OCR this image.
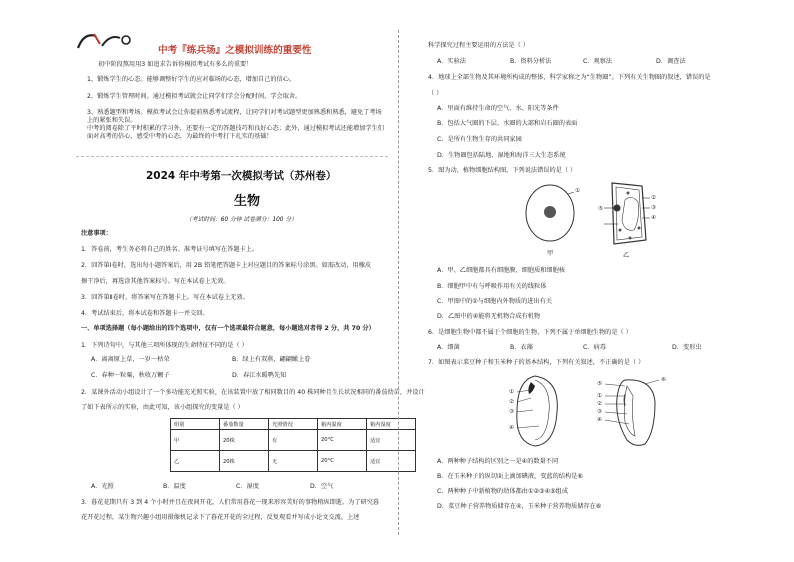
中考『练兵场』之模拟训练的重要性
初中阶段熬用用3 如追求告诉你模拟考试有多么的重要！
1、锻炼学生的心态。能够调整好学生的应对临场的心态，增加自己的信心。
2、锻炼学生管理时间。通过模拟考试就会让同学们学会分配时间，学会取舍。
3、熟悉题型和考场。模拟考试会让你提前熟悉考试流程，让同学们对考试题型更加熟悉和熟悉，避免了考场上的紧张和失误。
中考的阅卷除了平时积累的学习外，还要有一定的答题技巧和良好心态；此外，通过模拟考试还能增加学生们面对高考的信心，感受中考的心态，为最终的中考打下扎实的基础！
2024 年中考第一次模拟考试（苏州卷）
生物
（考试时间：60 分钟 试卷满分：100 分）
注意事项：
1．答卷前，考生务必将自己的姓名、准考证号填写在答题卡上。
2．回答第Ⅰ卷时，选出每小题答案后，用 2B 铅笔把答题卡上对应题目的答案标号涂黑。如需改动，用橡皮
擦干净后，再选涂其他答案标号。写在本试卷上无效。
3．回答第Ⅱ卷时，将答案写在答题卡上。写在本试卷上无效。
4．考试结束后，将本试卷和答题卡一并交回。
一、单项选择题（每小题给出的四个选项中，仅有一个选项最符合题意，每小题选对者得 2 分，共 70 分）
1．下列诗句中，与其他三项所体现的生命特征不同的是（ ）
A．离离原上草，一岁一枯荣	B．绿上有双燕，翩翩瞰上眷
C．春种一粒粟，秋收万颗子	D．春江水暖鸭先知
2．某课外活动小组设计了一个多功能充光照实验，在该装置中放了相同数目的 40 株同种且生长状况相同的番茄幼苗，并设计
了如下表所示的实验，由此可知，该小组探究的变量是（ ）
组别	番茄数量	光照情况	箱内温度	箱内湿度
甲	20株	有	20°C	适宜
乙	20株	无	20°C	适宜
A．光照	B．温度	C．湿度	D．空气
3．暮花花期只有 3 到 4 个小时并且在夜间开花，人们常用暮花一现来形容美好的事物稍纵即逝。为了研究暮
花开花过程，某生物兴趣小组用摄像机记录下了暮花开花的全过程，反复观看并写成小论文交流，上述
科学探究过程主要运用的方法是（ ）
A．实验法	B．资料分析法	C．观察法	D．调查法
4．地球上全部生物及其环境所构成的整体，科学家称之为“生物圈”。下列有关生物圈的叙述，错误的是
（ ）
A．里面有维持生命的空气、水、阳光等条件
B．包括大气圈的下层、水圈的大部和岩石圈的表面
C．是所有生物生存的共同家园
D．生物圈包括陆地、湿地和海洋三大生态系统
5．图为动、植物细胞结构图，下列说法错误的是（ ）
①
②
③
④
⑤
甲	乙
A．甲、乙细胞都具有细胞膜、细胞质和细胞核
B．细胞甲中有与呼吸作用有关的线粒体
C．甲图中的①与细胞内外物质的进出有关
D．乙图中的④能将无机物合成有机物
6．是细胞生物中都不属于个细胞的生物，下列不属于单细胞生物的是（ ）
A．细菌	B．衣藻	C．病毒	D．变形虫
7．如图表示菜豆种子和玉米种子的基本结构，下列有关叙述，不正确的是（ ）
①
②
③
④
⑤
①
②
③
④
⑥
A．两种种子结构的区别之一是④的数量不同
B．在玉米种子的纵切面上滴加碘液，变蓝的结构是⑥
C．两种种子中新植物的幼体都由①②③④⑤组成
D．菜豆种子营养物质储存在④，玉米种子营养物质储存在⑥
